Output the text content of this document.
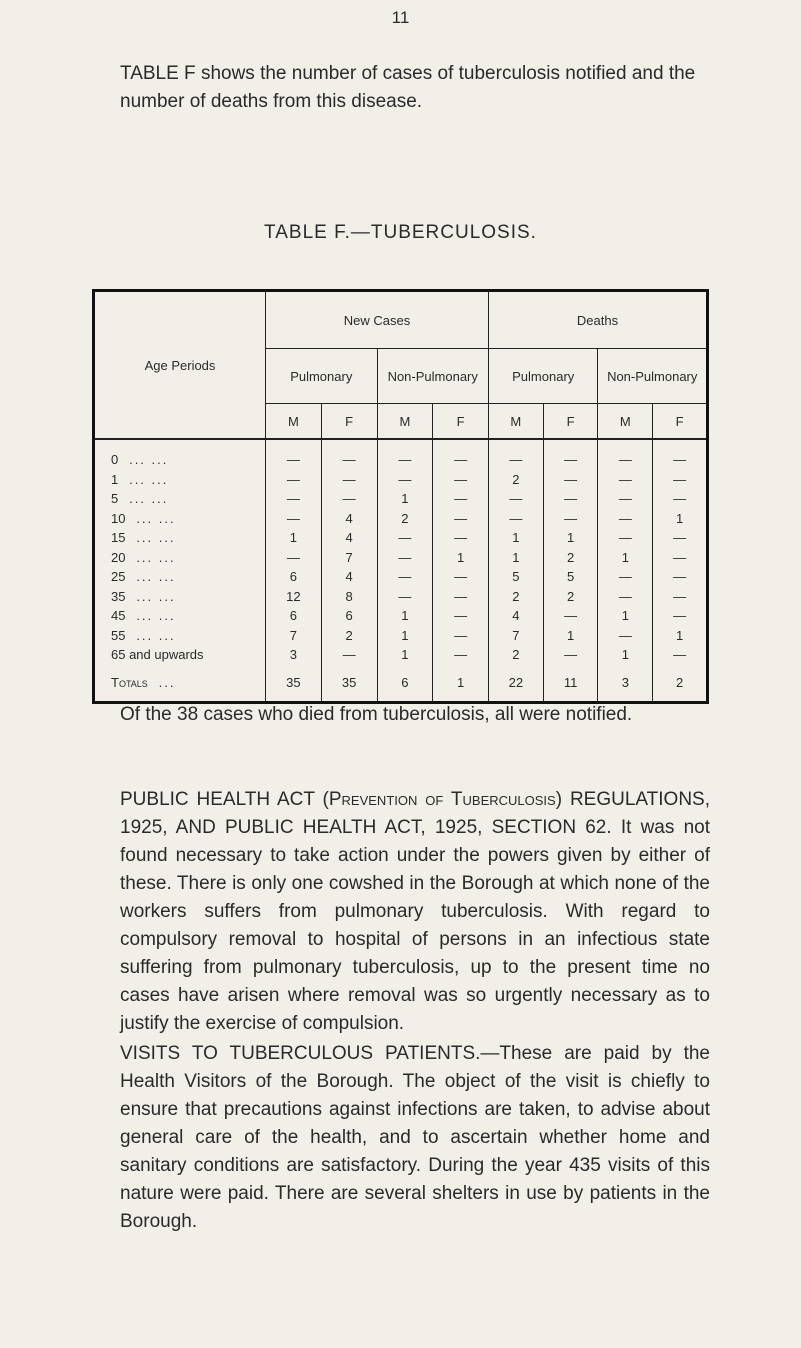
11
TABLE F shows the number of cases of tuberculosis notified and the number of deaths from this disease.
TABLE F.—TUBERCULOSIS.
Age Periods	New Cases				Deaths			
	Pulmonary		Non-Pulmonary		Pulmonary		Non-Pulmonary	
	M	F	M	F	M	F	M	F
0 ... ...	—	—	—	—	—	—	—	—
1 ... ...	—	—	—	—	2	—	—	—
5 ... ...	—	—	1	—	—	—	—	—
10 ... ...	—	4	2	—	—	—	—	1
15 ... ...	1	4	—	—	1	1	—	—
20 ... ...	—	7	—	1	1	2	1	—
25 ... ...	6	4	—	—	5	5	—	—
35 ... ...	12	8	—	—	2	2	—	—
45 ... ...	6	6	1	—	4	—	1	—
55 ... ...	7	2	1	—	7	1	—	1
65 and upwards	3	—	1	—	2	—	1	—
Totals ...	35	35	6	1	22	11	3	2
Of the 38 cases who died from tuberculosis, all were notified.
PUBLIC HEALTH ACT (Prevention of Tuberculosis) REGULATIONS, 1925, AND PUBLIC HEALTH ACT, 1925, SECTION 62. It was not found necessary to take action under the powers given by either of these. There is only one cowshed in the Borough at which none of the workers suffers from pulmonary tuberculosis. With regard to compulsory removal to hospital of persons in an infectious state suffering from pulmonary tuberculosis, up to the present time no cases have arisen where removal was so urgently necessary as to justify the exercise of compulsion.
VISITS TO TUBERCULOUS PATIENTS.—These are paid by the Health Visitors of the Borough. The object of the visit is chiefly to ensure that precautions against infections are taken, to advise about general care of the health, and to ascertain whether home and sanitary conditions are satisfactory. During the year 435 visits of this nature were paid. There are several shelters in use by patients in the Borough.
